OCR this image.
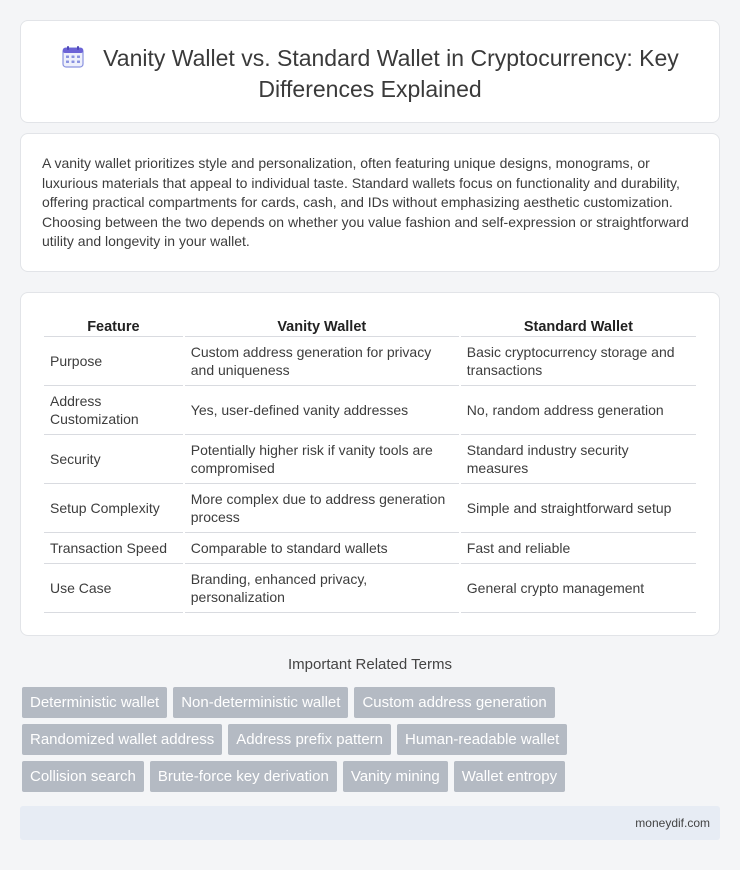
Vanity Wallet vs. Standard Wallet in Cryptocurrency: Key Differences Explained

A vanity wallet prioritizes style and personalization, often featuring unique designs, monograms, or luxurious materials that appeal to individual taste. Standard wallets focus on functionality and durability, offering practical compartments for cards, cash, and IDs without emphasizing aesthetic customization. Choosing between the two depends on whether you value fashion and self-expression or straightforward utility and longevity in your wallet.

Feature	Vanity Wallet	Standard Wallet
Purpose	Custom address generation for privacy and uniqueness	Basic cryptocurrency storage and transactions
Address Customization	Yes, user-defined vanity addresses	No, random address generation
Security	Potentially higher risk if vanity tools are compromised	Standard industry security measures
Setup Complexity	More complex due to address generation process	Simple and straightforward setup
Transaction Speed	Comparable to standard wallets	Fast and reliable
Use Case	Branding, enhanced privacy, personalization	General crypto management
Important Related Terms
Deterministic wallet	Non-deterministic wallet	Custom address generation
Randomized wallet address	Address prefix pattern	Human-readable wallet
Collision search	Brute-force key derivation	Vanity mining	Wallet entropy
moneydif.com
